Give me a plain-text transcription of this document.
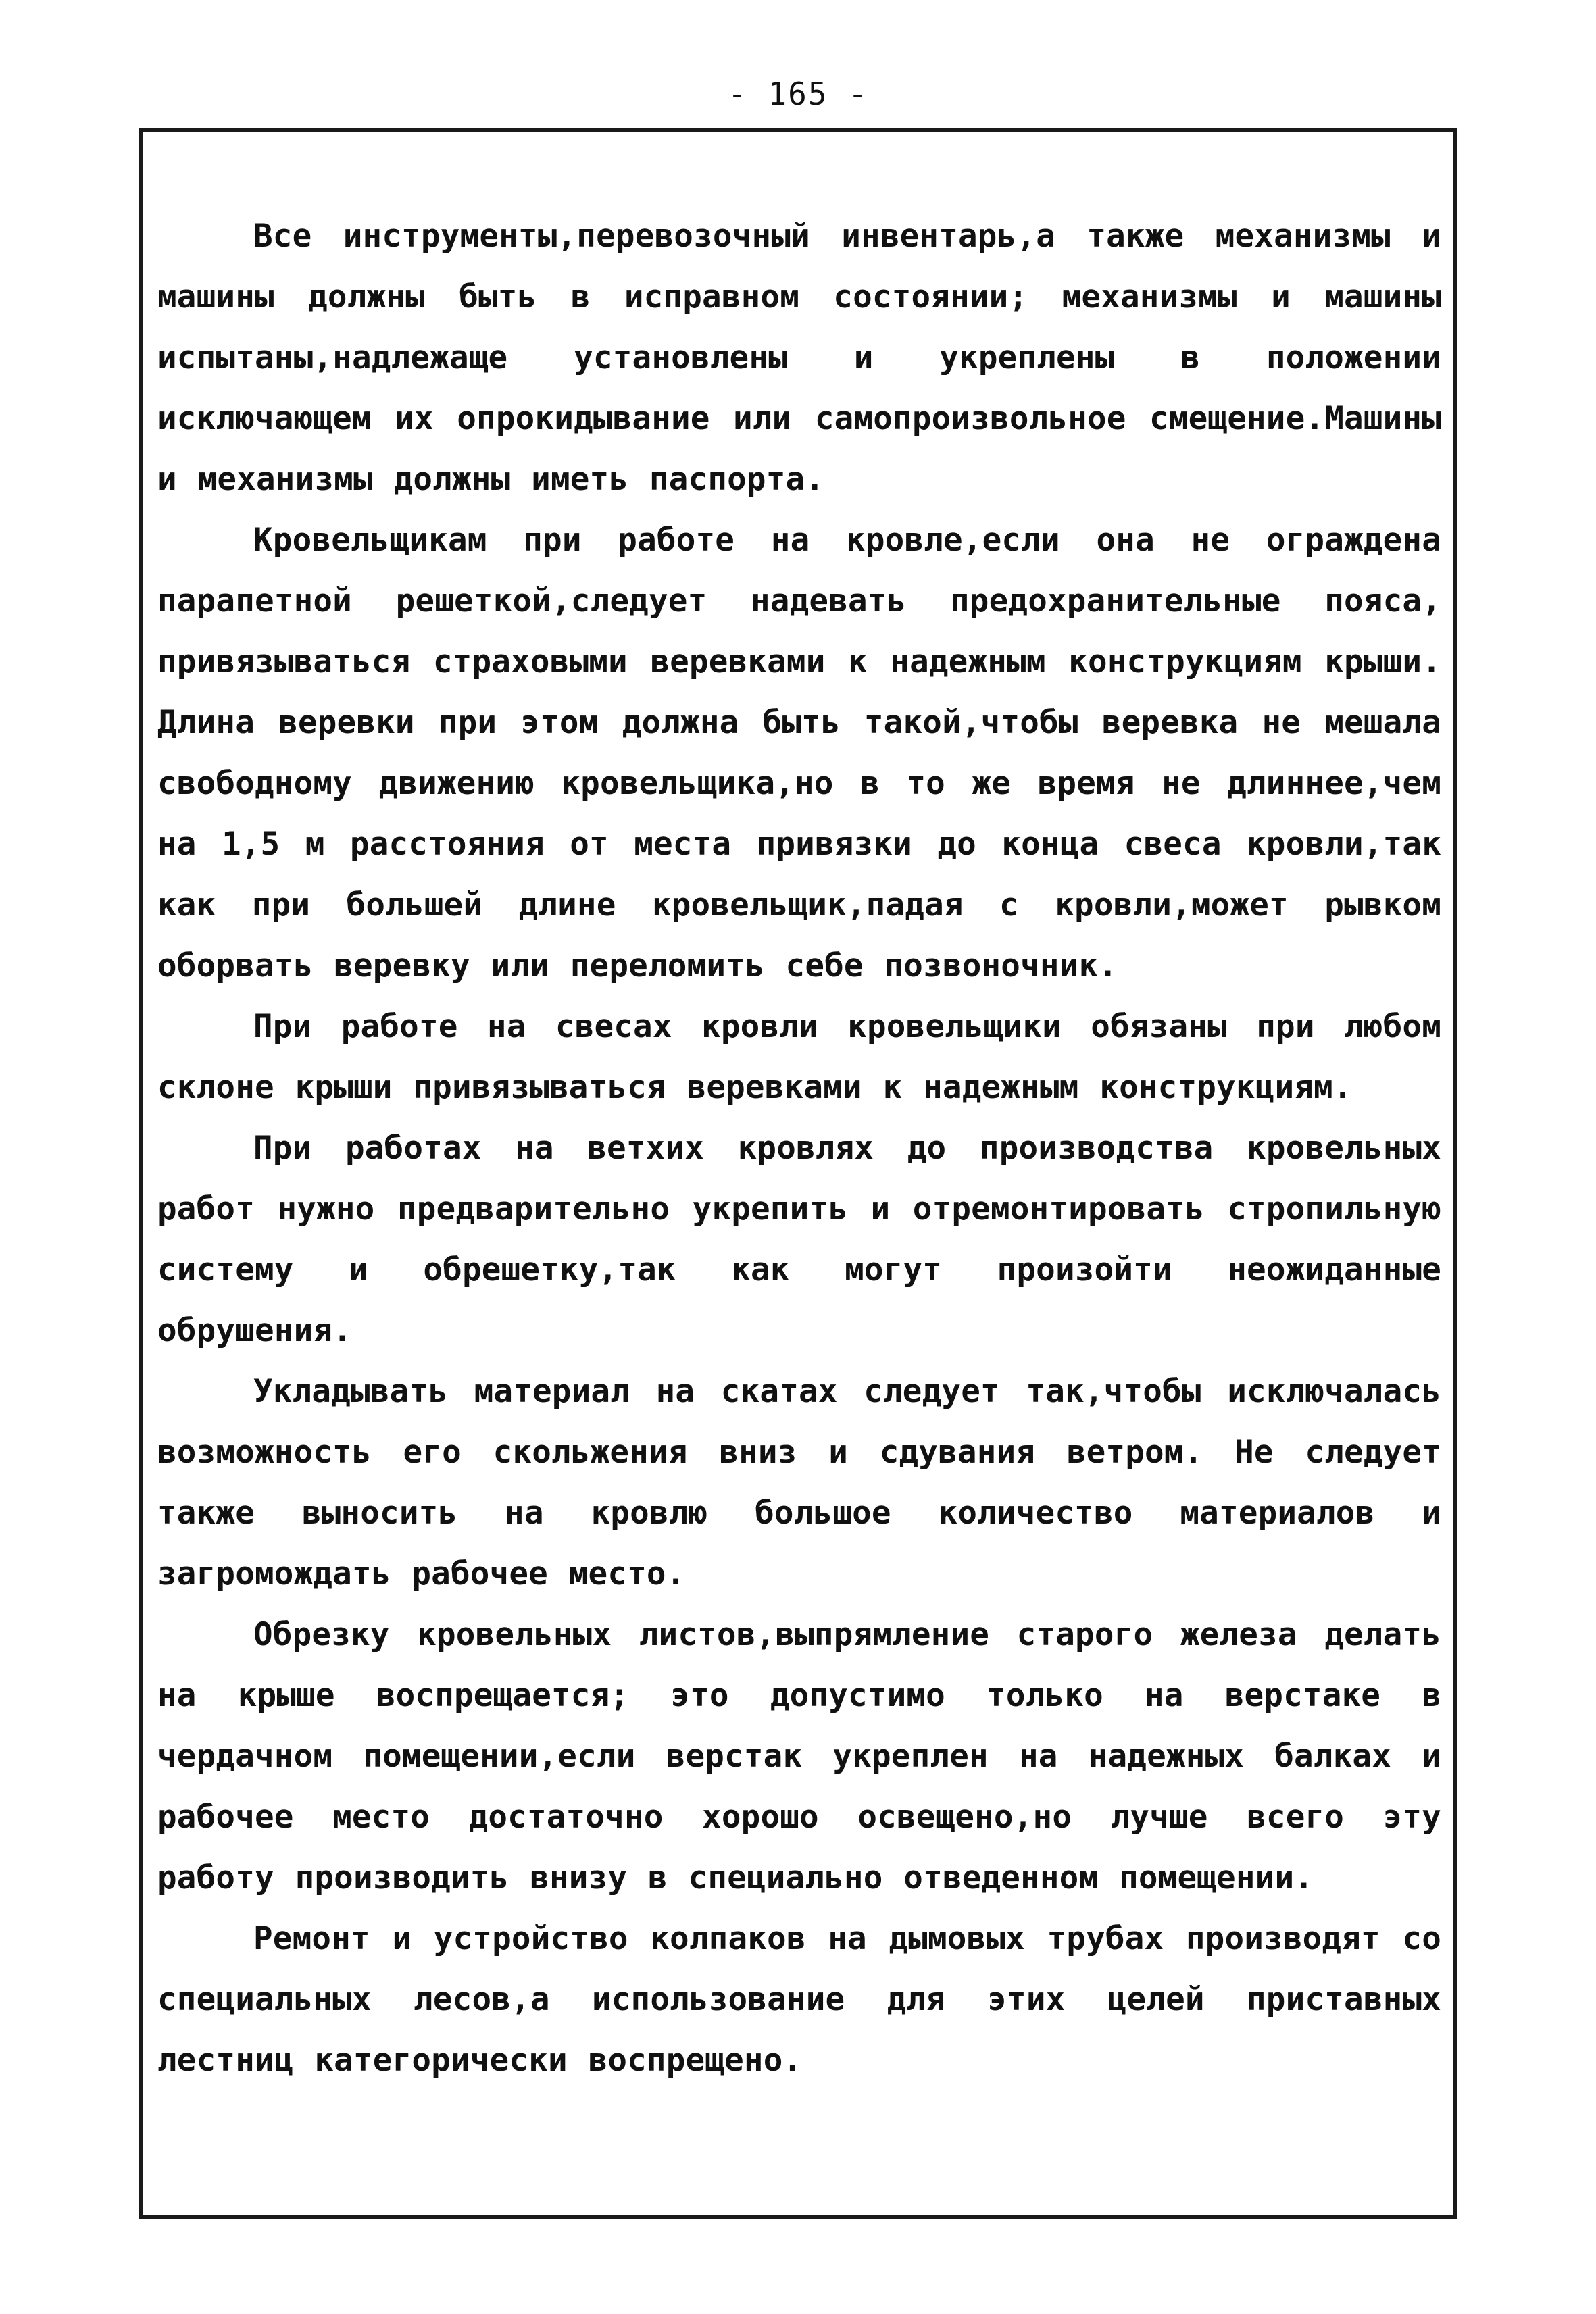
- 165 -

Все инструменты,перевозочный инвентарь,а также механизмы и машины должны быть в исправном состоянии; механизмы и машины испытаны,надлежаще установлены и укреплены в положении исключающем их опрокидывание или самопроизвольное смещение.Машины и механизмы должны иметь паспорта.

Кровельщикам при работе на кровле,если она не ограждена парапетной решеткой,следует надевать предохранительные пояса, привязываться страховыми веревками к надежным конструкциям крыши. Длина веревки при этом должна быть такой,чтобы веревка не мешала свободному движению кровельщика,но в то же время не длиннее,чем на 1,5 м расстояния от места привязки до конца свеса кровли,так как при большей длине кровельщик,падая с кровли,может рывком оборвать веревку или переломить себе позвоночник.

При работе на свесах кровли кровельщики обязаны при любом склоне крыши привязываться веревками к надежным конструкциям.

При работах на ветхих кровлях до производства кровельных работ нужно предварительно укрепить и отремонтировать стропильную систему и обрешетку,так как могут произойти неожиданные обрушения.

Укладывать материал на скатах следует так,чтобы исключалась возможность его скольжения вниз и сдувания ветром. Не следует также выносить на кровлю большое количество материалов и загромождать рабочее место.

Обрезку кровельных листов,выпрямление старого железа делать на крыше воспрещается; это допустимо только на верстаке в чердачном помещении,если верстак укреплен на надежных балках и рабочее место достаточно хорошо освещено,но лучше всего эту работу производить внизу в специально отведенном помещении.

Ремонт и устройство колпаков на дымовых трубах производят со специальных лесов,а использование для этих целей приставных лестниц категорически воспрещено.
